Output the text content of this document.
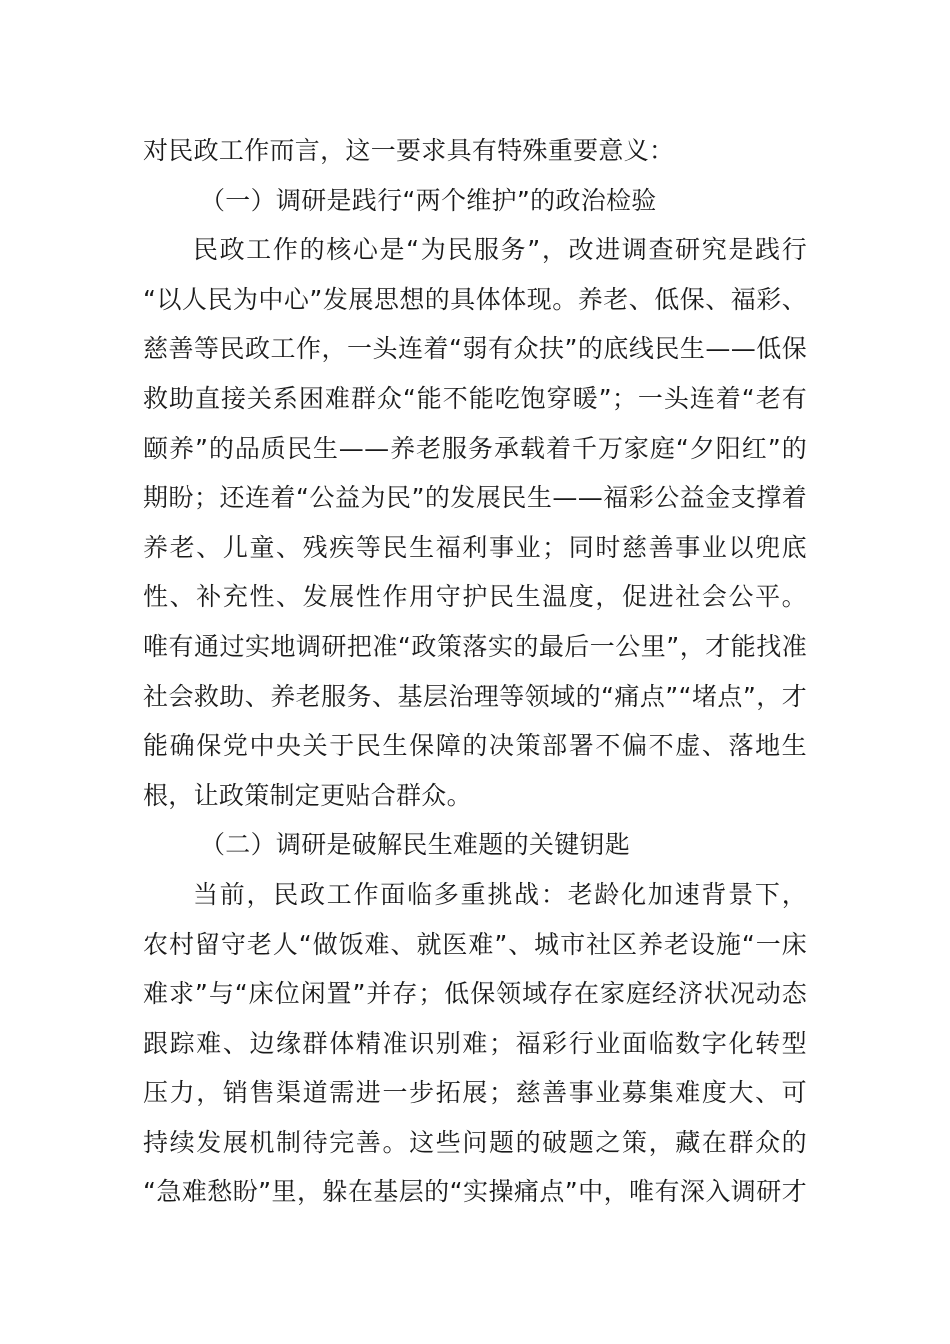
对民政工作而言，这一要求具有特殊重要意义：
（一）调研是践行“两个维护”的政治检验
民政工作的核心是“为民服务”，改进调查研究是践行
“以人民为中心”发展思想的具体体现。养老、低保、福彩、
慈善等民政工作，一头连着“弱有众扶”的底线民生——低保
救助直接关系困难群众“能不能吃饱穿暖”；一头连着“老有
颐养”的品质民生——养老服务承载着千万家庭“夕阳红”的
期盼；还连着“公益为民”的发展民生——福彩公益金支撑着
养老、儿童、残疾等民生福利事业；同时慈善事业以兜底
性、补充性、发展性作用守护民生温度，促进社会公平。
唯有通过实地调研把准“政策落实的最后一公里”，才能找准
社会救助、养老服务、基层治理等领域的“痛点”“堵点”，才
能确保党中央关于民生保障的决策部署不偏不虚、落地生
根，让政策制定更贴合群众。
（二）调研是破解民生难题的关键钥匙
当前，民政工作面临多重挑战：老龄化加速背景下，
农村留守老人“做饭难、就医难”、城市社区养老设施“一床
难求”与“床位闲置”并存；低保领域存在家庭经济状况动态
跟踪难、边缘群体精准识别难；福彩行业面临数字化转型
压力，销售渠道需进一步拓展；慈善事业募集难度大、可
持续发展机制待完善。这些问题的破题之策，藏在群众的
“急难愁盼”里，躲在基层的“实操痛点”中，唯有深入调研才
